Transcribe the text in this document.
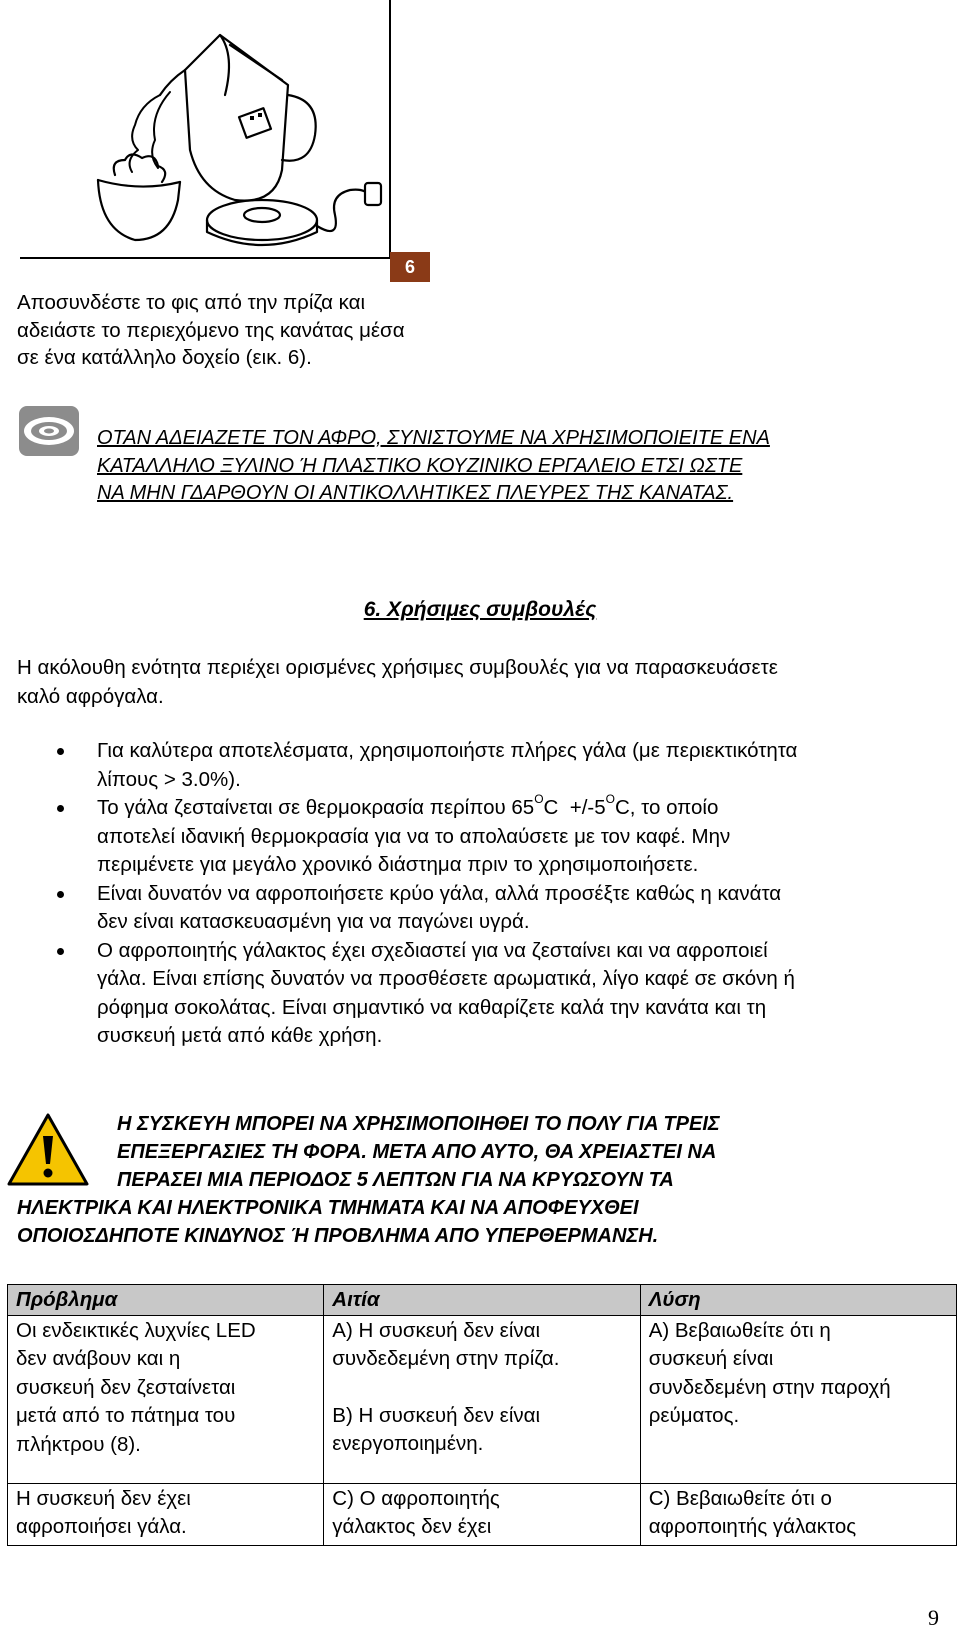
6
Αποσυνδέστε το φις από την πρίζα και
αδειάστε το περιεχόμενο της κανάτας μέσα
σε ένα κατάλληλο δοχείο (εικ. 6).
ΟΤΑΝ ΑΔΕΙΑΖΕΤΕ ΤΟΝ ΑΦΡΟ, ΣΥΝΙΣΤΟΥΜΕ ΝΑ ΧΡΗΣΙΜΟΠΟΙΕΙΤΕ ΕΝΑ
ΚΑΤΑΛΛΗΛΟ ΞΥΛΙΝΟ Ή ΠΛΑΣΤΙΚΟ ΚΟΥΖΙΝΙΚΟ ΕΡΓΑΛΕΙΟ ΕΤΣΙ ΩΣΤΕ
ΝΑ ΜΗΝ ΓΔΑΡΘΟΥΝ ΟΙ ΑΝΤΙΚΟΛΛΗΤΙΚΕΣ ΠΛΕΥΡΕΣ ΤΗΣ ΚΑΝΑΤΑΣ.
6. Χρήσιμες συμβουλές
Η ακόλουθη ενότητα περιέχει ορισμένες χρήσιμες συμβουλές για να παρασκευάσετε
καλό αφρόγαλα.
Για καλύτερα αποτελέσματα, χρησιμοποιήστε πλήρες γάλα (με περιεκτικότητα
λίπους > 3.0%).
Το γάλα ζεσταίνεται σε θερμοκρασία περίπου $65^OC +/-5^OC$, το οποίο
αποτελεί ιδανική θερμοκρασία για να το απολαύσετε με τον καφέ. Μην
περιμένετε για μεγάλο χρονικό διάστημα πριν το χρησιμοποιήσετε.
Είναι δυνατόν να αφροποιήσετε κρύο γάλα, αλλά προσέξτε καθώς η κανάτα
δεν είναι κατασκευασμένη για να παγώνει υγρά.
Ο αφροποιητής γάλακτος έχει σχεδιαστεί για να ζεσταίνει και να αφροποιεί
γάλα. Είναι επίσης δυνατόν να προσθέσετε αρωματικά, λίγο καφέ σε σκόνη ή
ρόφημα σοκολάτας. Είναι σημαντικό να καθαρίζετε καλά την κανάτα και τη
συσκευή μετά από κάθε χρήση.
Η ΣΥΣΚΕΥΗ ΜΠΟΡΕΙ ΝΑ ΧΡΗΣΙΜΟΠΟΙΗΘΕΙ ΤΟ ΠΟΛΥ ΓΙΑ ΤΡΕΙΣ
ΕΠΕΞΕΡΓΑΣΙΕΣ ΤΗ ΦΟΡΑ. ΜΕΤΑ ΑΠΟ ΑΥΤΟ, ΘΑ ΧΡΕΙΑΣΤΕΙ ΝΑ
ΠΕΡΑΣΕΙ ΜΙΑ ΠΕΡΙΟΔΟΣ 5 ΛΕΠΤΩΝ ΓΙΑ ΝΑ ΚΡΥΩΣΟΥΝ ΤΑ
ΗΛΕΚΤΡΙΚΑ ΚΑΙ ΗΛΕΚΤΡΟΝΙΚΑ ΤΜΗΜΑΤΑ ΚΑΙ ΝΑ ΑΠΟΦΕΥΧΘΕΙ
ΟΠΟΙΟΣΔΗΠΟΤΕ ΚΙΝΔΥΝΟΣ Ή ΠΡΟΒΛΗΜΑ ΑΠΟ ΥΠΕΡΘΕΡΜΑΝΣΗ.
Πρόβλημα	Αιτία	Λύση

Οι ενδεικτικές λυχνίες LED
δεν ανάβουν και η
συσκευή δεν ζεσταίνεται
μετά από το πάτημα του
πλήκτρου (8).	Α) Η συσκευή δεν είναι
συνδεδεμένη στην πρίζα.
Β) Η συσκευή δεν είναι
ενεργοποιημένη.	Α) Βεβαιωθείτε ότι η
συσκευή είναι
συνδεδεμένη στην παροχή
ρεύματος.

Η συσκευή δεν έχει
αφροποιήσει γάλα.	C) Ο αφροποιητής
γάλακτος δεν έχει	C) Βεβαιωθείτε ότι ο
αφροποιητής γάλακτος
9
